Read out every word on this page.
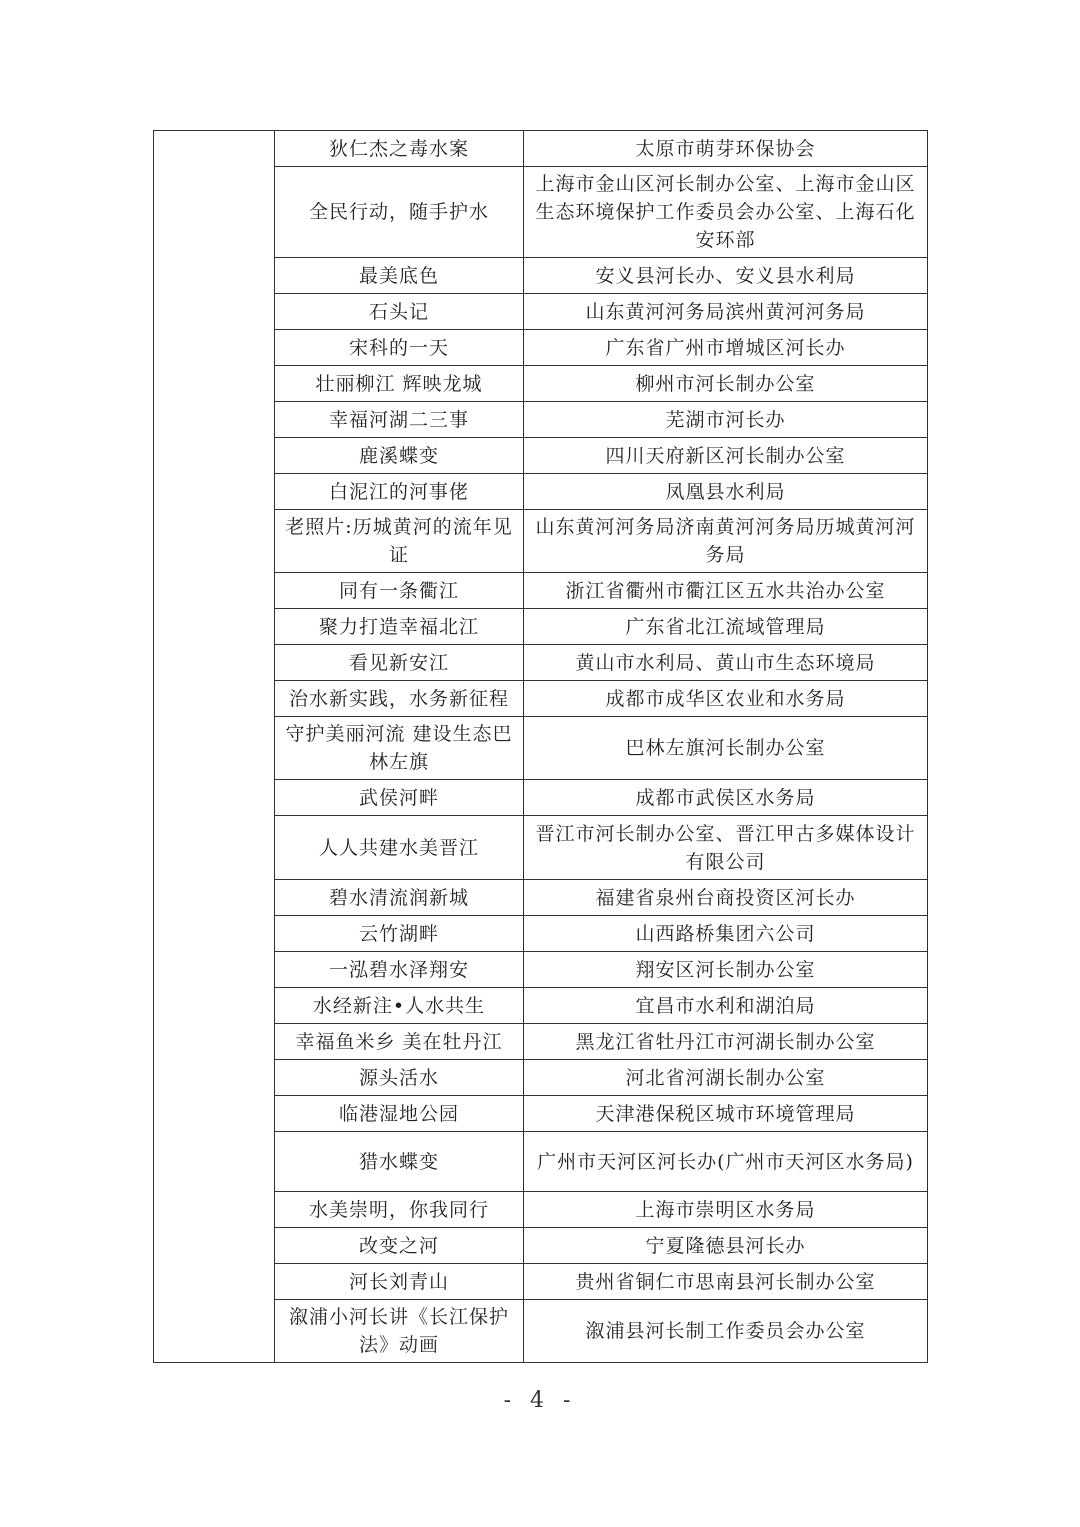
	狄仁杰之毒水案	太原市萌芽环保协会
	全民行动，随手护水	上海市金山区河长制办公室、上海市金山区生态环境保护工作委员会办公室、上海石化安环部
	最美底色	安义县河长办、安义县水利局
	石头记	山东黄河河务局滨州黄河河务局
	宋科的一天	广东省广州市增城区河长办
	壮丽柳江 辉映龙城	柳州市河长制办公室
	幸福河湖二三事	芜湖市河长办
	鹿溪蝶变	四川天府新区河长制办公室
	白泥江的河事佬	凤凰县水利局
	老照片:历城黄河的流年见证	山东黄河河务局济南黄河河务局历城黄河河务局
	同有一条衢江	浙江省衢州市衢江区五水共治办公室
	聚力打造幸福北江	广东省北江流域管理局
	看见新安江	黄山市水利局、黄山市生态环境局
	治水新实践，水务新征程	成都市成华区农业和水务局
	守护美丽河流 建设生态巴林左旗	巴林左旗河长制办公室
	武侯河畔	成都市武侯区水务局
	人人共建水美晋江	晋江市河长制办公室、晋江甲古多媒体设计有限公司
	碧水清流润新城	福建省泉州台商投资区河长办
	云竹湖畔	山西路桥集团六公司
	一泓碧水泽翔安	翔安区河长制办公室
	水经新注•人水共生	宜昌市水利和湖泊局
	幸福鱼米乡 美在牡丹江	黑龙江省牡丹江市河湖长制办公室
	源头活水	河北省河湖长制办公室
	临港湿地公园	天津港保税区城市环境管理局
	猎水蝶变	广州市天河区河长办(广州市天河区水务局)
	水美崇明，你我同行	上海市崇明区水务局
	改变之河	宁夏隆德县河长办
	河长刘青山	贵州省铜仁市思南县河长制办公室
	溆浦小河长讲《长江保护法》动画	溆浦县河长制工作委员会办公室
- 4 -
